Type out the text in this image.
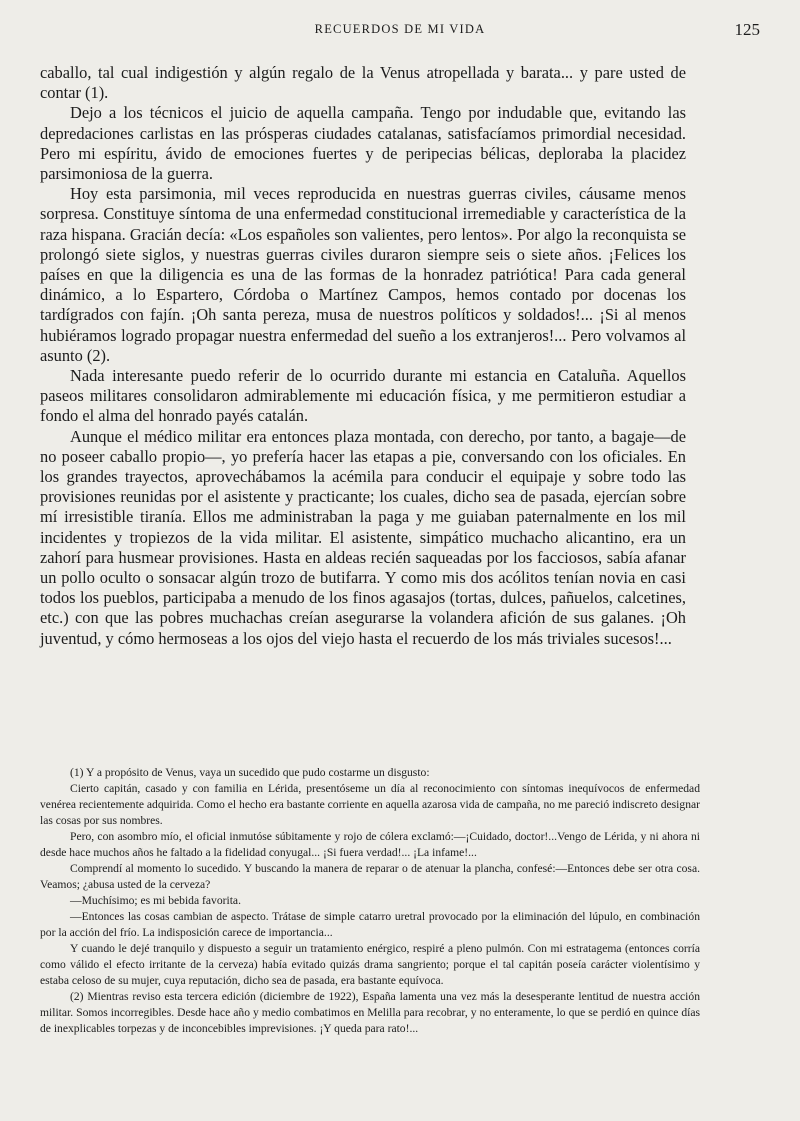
RECUERDOS DE MI VIDA	125

caballo, tal cual indigestión y algún regalo de la Venus atropellada y barata... y pare usted de contar (1).

Dejo a los técnicos el juicio de aquella campaña. Tengo por indudable que, evitando las depredaciones carlistas en las prósperas ciudades catalanas, satisfacíamos primordial necesidad. Pero mi espíritu, ávido de emociones fuertes y de peripecias bélicas, deploraba la placidez parsimoniosa de la guerra.

Hoy esta parsimonia, mil veces reproducida en nuestras guerras civiles, cáusame menos sorpresa. Constituye síntoma de una enfermedad constitucional irremediable y característica de la raza hispana. Gracián decía: «Los españoles son valientes, pero lentos». Por algo la reconquista se prolongó siete siglos, y nuestras guerras civiles duraron siempre seis o siete años. ¡Felices los países en que la diligencia es una de las formas de la honradez patriótica! Para cada general dinámico, a lo Espartero, Córdoba o Martínez Campos, hemos contado por docenas los tardígrados con fajín. ¡Oh santa pereza, musa de nuestros políticos y soldados!... ¡Si al menos hubiéramos logrado propagar nuestra enfermedad del sueño a los extranjeros!... Pero volvamos al asunto (2).

Nada interesante puedo referir de lo ocurrido durante mi estancia en Cataluña. Aquellos paseos militares consolidaron admirablemente mi educación física, y me permitieron estudiar a fondo el alma del honrado payés catalán.

Aunque el médico militar era entonces plaza montada, con derecho, por tanto, a bagaje—de no poseer caballo propio—, yo prefería hacer las etapas a pie, conversando con los oficiales. En los grandes trayectos, aprovechábamos la acémila para conducir el equipaje y sobre todo las provisiones reunidas por el asistente y practicante; los cuales, dicho sea de pasada, ejercían sobre mí irresistible tiranía. Ellos me administraban la paga y me guiaban paternalmente en los mil incidentes y tropiezos de la vida militar. El asistente, simpático muchacho alicantino, era un zahorí para husmear provisiones. Hasta en aldeas recién saqueadas por los facciosos, sabía afanar un pollo oculto o sonsacar algún trozo de butifarra. Y como mis dos acólitos tenían novia en casi todos los pueblos, participaba a menudo de los finos agasajos (tortas, dulces, pañuelos, calcetines, etc.) con que las pobres muchachas creían asegurarse la volandera afición de sus galanes. ¡Oh juventud, y cómo hermoseas a los ojos del viejo hasta el recuerdo de los más triviales sucesos!...

(1) Y a propósito de Venus, vaya un sucedido que pudo costarme un disgusto:

Cierto capitán, casado y con familia en Lérida, presentóseme un día al reconocimiento con síntomas inequívocos de enfermedad venérea recientemente adquirida. Como el hecho era bastante corriente en aquella azarosa vida de campaña, no me pareció indiscreto designar las cosas por sus nombres.

Pero, con asombro mío, el oficial inmutóse súbitamente y rojo de cólera exclamó:—¡Cuidado, doctor!...Vengo de Lérida, y ni ahora ni desde hace muchos años he faltado a la fidelidad conyugal... ¡Si fuera verdad!... ¡La infame!...

Comprendí al momento lo sucedido. Y buscando la manera de reparar o de atenuar la plancha, confesé:—Entonces debe ser otra cosa. Veamos; ¿abusa usted de la cerveza?

—Muchísimo; es mi bebida favorita.

—Entonces las cosas cambian de aspecto. Trátase de simple catarro uretral provocado por la eliminación del lúpulo, en combinación por la acción del frío. La indisposición carece de importancia...

Y cuando le dejé tranquilo y dispuesto a seguir un tratamiento enérgico, respiré a pleno pulmón. Con mi estratagema (entonces corría como válido el efecto irritante de la cerveza) había evitado quizás drama sangriento; porque el tal capitán poseía carácter violentísimo y estaba celoso de su mujer, cuya reputación, dicho sea de pasada, era bastante equívoca.

(2) Mientras reviso esta tercera edición (diciembre de 1922), España lamenta una vez más la desesperante lentitud de nuestra acción militar. Somos incorregibles. Desde hace año y medio combatimos en Melilla para recobrar, y no enteramente, lo que se perdió en quince días de inexplicables torpezas y de inconcebibles imprevisiones. ¡Y queda para rato!...
